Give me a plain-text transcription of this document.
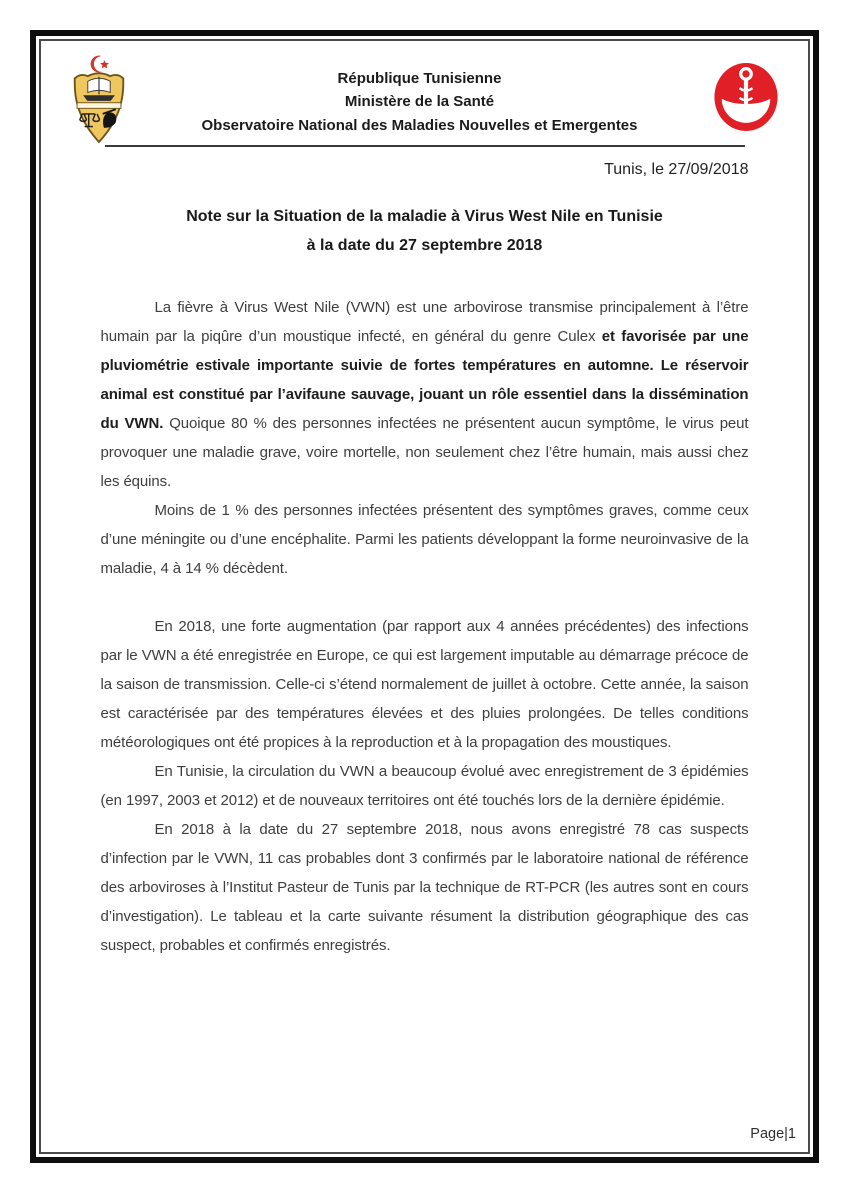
République Tunisienne
Ministère de la Santé
Observatoire National des Maladies Nouvelles et Emergentes
Tunis, le 27/09/2018
Note sur la Situation de la maladie à Virus West Nile en Tunisie
à la date du 27 septembre 2018

La fièvre à Virus West Nile (VWN) est une arbovirose transmise principalement à l’être humain par la piqûre d’un moustique infecté, en général du genre Culex et favorisée par une pluviométrie estivale importante suivie de fortes températures en automne. Le réservoir animal est constitué par l’avifaune sauvage, jouant un rôle essentiel dans la dissémination du VWN. Quoique 80 % des personnes infectées ne présentent aucun symptôme, le virus peut provoquer une maladie grave, voire mortelle, non seulement chez l’être humain, mais aussi chez les équins.

Moins de 1 % des personnes infectées présentent des symptômes graves, comme ceux d’une méningite ou d’une encéphalite. Parmi les patients développant la forme neuroinvasive de la maladie, 4 à 14 % décèdent.

En 2018, une forte augmentation (par rapport aux 4 années précédentes) des infections par le VWN a été enregistrée en Europe, ce qui est largement imputable au démarrage précoce de la saison de transmission. Celle-ci s’étend normalement de juillet à octobre. Cette année, la saison est caractérisée par des températures élevées et des pluies prolongées. De telles conditions météorologiques ont été propices à la reproduction et à la propagation des moustiques.

En Tunisie, la circulation du VWN a beaucoup évolué avec enregistrement de 3 épidémies (en 1997, 2003 et 2012) et de nouveaux territoires ont été touchés lors de la dernière épidémie.

En 2018 à la date du 27 septembre 2018, nous avons enregistré 78 cas suspects d’infection par le VWN, 11 cas probables dont 3 confirmés par le laboratoire national de référence des arboviroses à l’Institut Pasteur de Tunis par la technique de RT-PCR (les autres sont en cours d’investigation). Le tableau et la carte suivante résument la distribution géographique des cas suspect, probables et confirmés enregistrés.

Page|1
